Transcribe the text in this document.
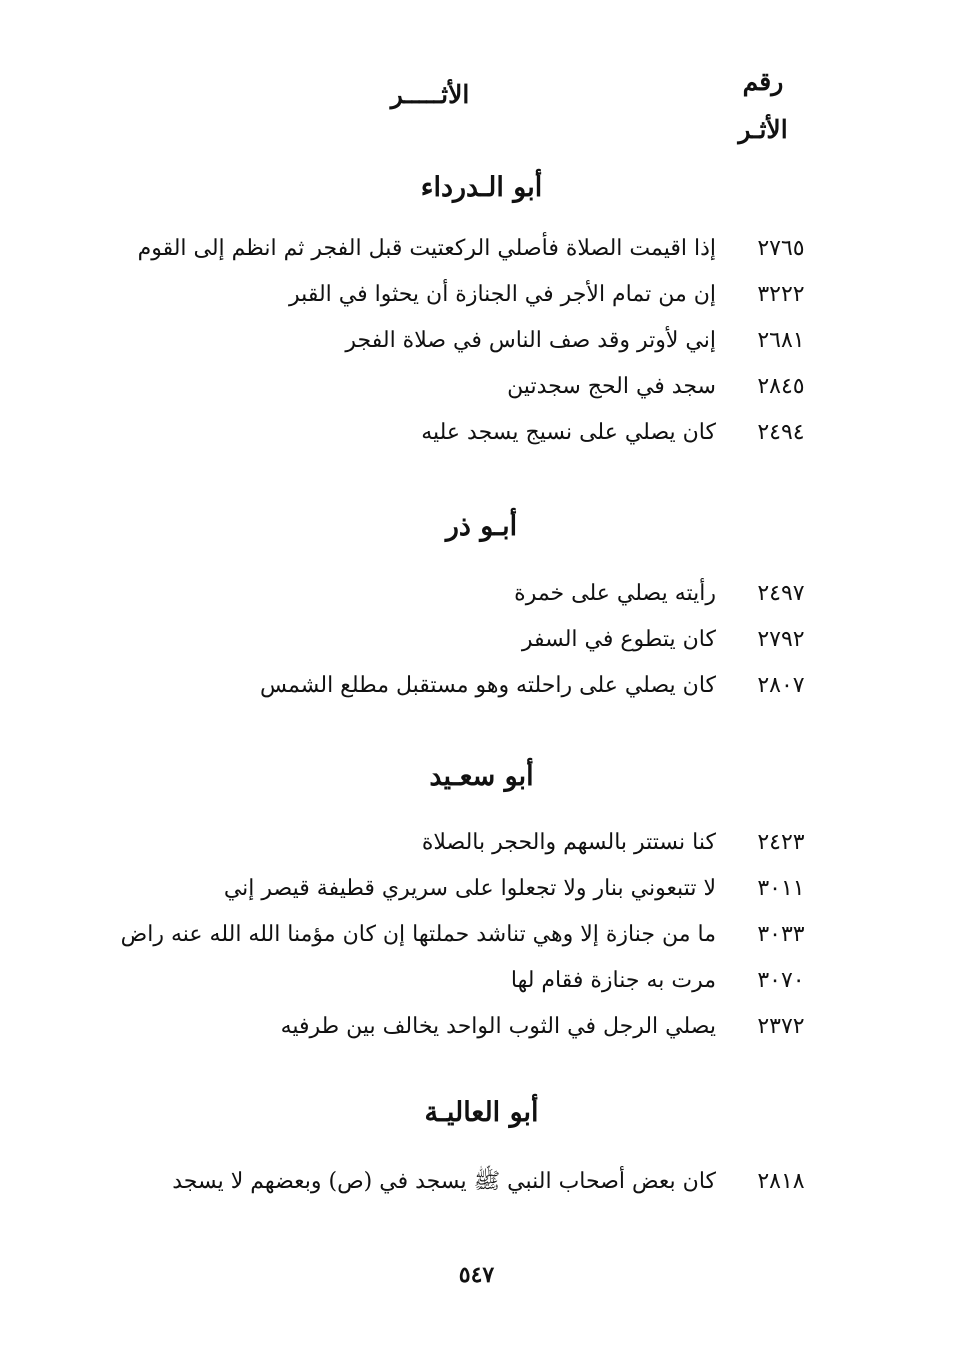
رقم
الأثـر
الأثـــــر
أبو الـدرداء
٢٧٦٥
إذا اقيمت الصلاة فأصلي الركعتيت قبل الفجر ثم انظم إلى القوم
٣٢٢٢
إن من تمام الأجر في الجنازة أن يحثوا في القبر
٢٦٨١
إني لأوتر وقد صف الناس في صلاة الفجر
٢٨٤٥
سجد في الحج سجدتين
٢٤٩٤
كان يصلي على نسيج يسجد عليه
أبـو ذر
٢٤٩٧
رأيته يصلي على خمرة
٢٧٩٢
كان يتطوع في السفر
٢٨٠٧
كان يصلي على راحلته وهو مستقبل مطلع الشمس
أبو سعـيد
٢٤٢٣
كنا نستتر بالسهم والحجر بالصلاة
٣٠١١
لا تتبعوني بنار ولا تجعلوا على سريري قطيفة قيصر إني
٣٠٣٣
ما من جنازة إلا وهي تناشد حملتها إن كان مؤمنا الله الله عنه راض
٣٠٧٠
مرت به جنازة فقام لها
٢٣٧٢
يصلي الرجل في الثوب الواحد يخالف بين طرفيه
أبو العاليـة
٢٨١٨
كان بعض أصحاب النبي ﷺ يسجد في (ص) وبعضهم لا يسجد
٥٤٧
